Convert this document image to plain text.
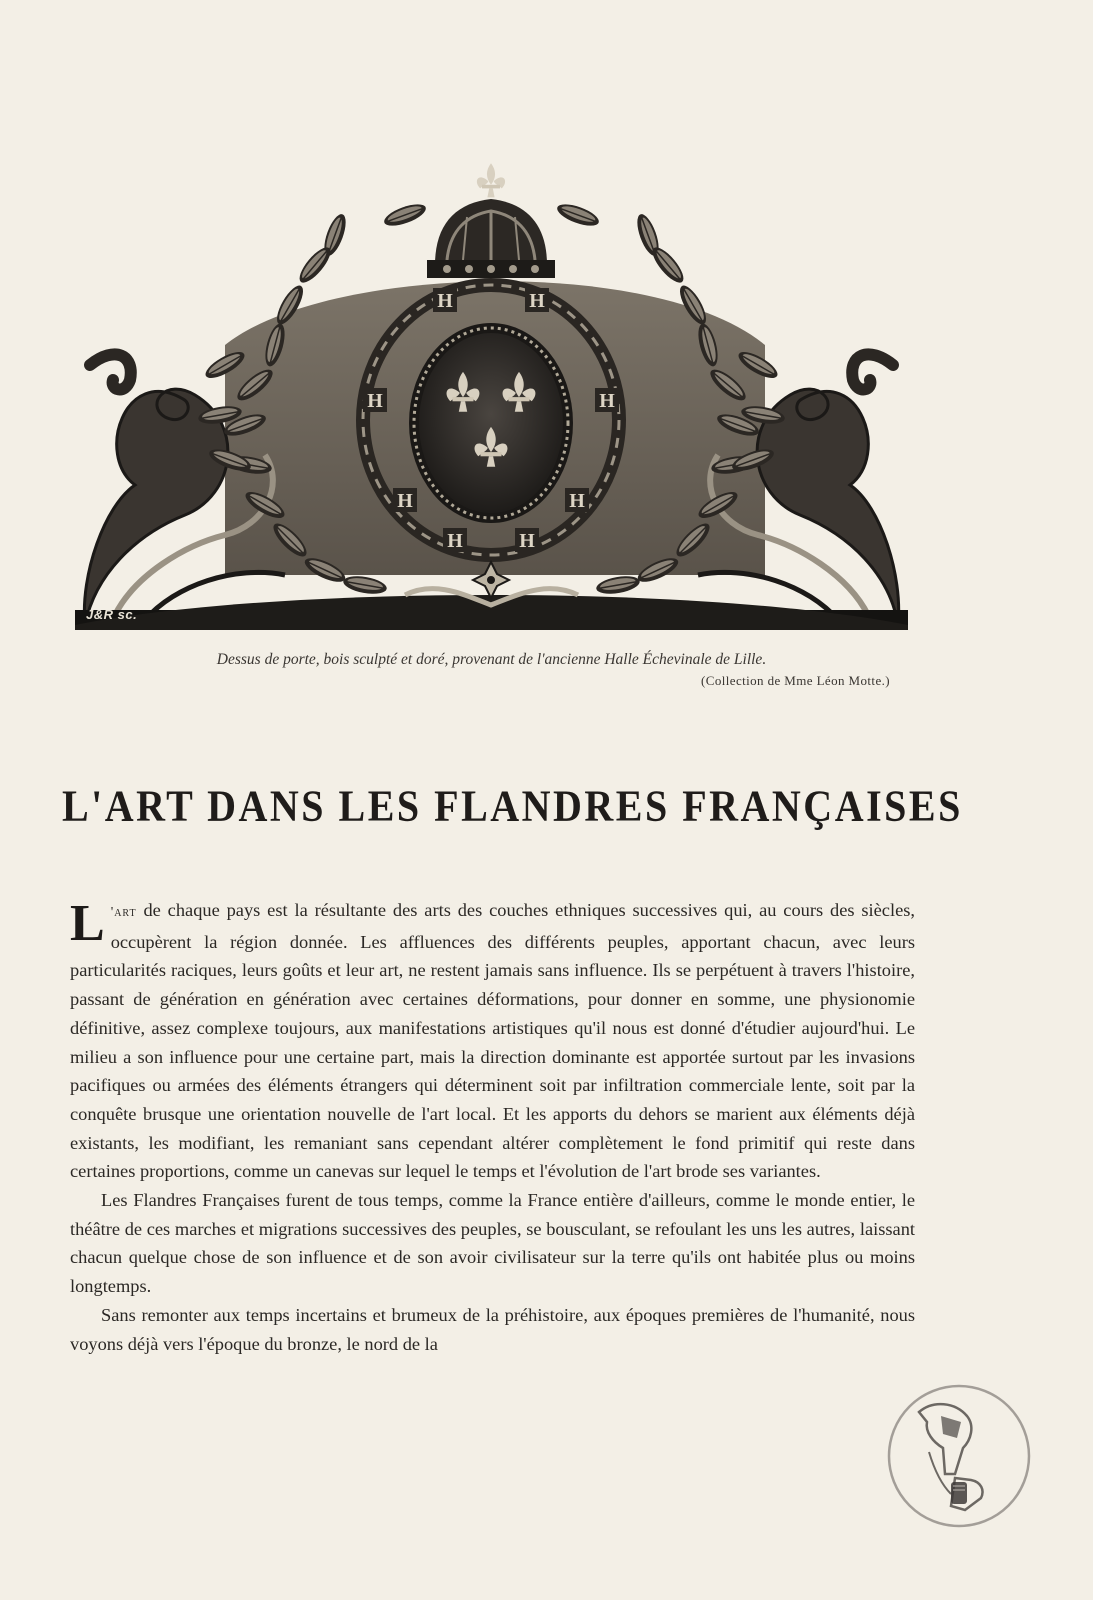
H
J&R sc.
Dessus de porte, bois sculpté et doré, provenant de l'ancienne Halle Échevinale de Lille.
(Collection de Mme Léon Motte.)
L'ART DANS LES FLANDRES FRANÇAISES

L 'art de chaque pays est la résultante des arts des couches ethniques successives qui, au cours des siècles, occupèrent la région donnée. Les affluences des différents peuples, apportant chacun, avec leurs particularités raciques, leurs goûts et leur art, ne restent jamais sans influence. Ils se perpétuent à travers l'histoire, passant de génération en génération avec certaines déformations, pour donner en somme, une physionomie définitive, assez complexe toujours, aux manifestations artistiques qu'il nous est donné d'étudier aujourd'hui. Le milieu a son influence pour une certaine part, mais la direction dominante est apportée surtout par les invasions pacifiques ou armées des éléments étrangers qui déterminent soit par infiltration commerciale lente, soit par la conquête brusque une orientation nouvelle de l'art local. Et les apports du dehors se marient aux éléments déjà existants, les modifiant, les remaniant sans cependant altérer complètement le fond primitif qui reste dans certaines proportions, comme un canevas sur lequel le temps et l'évolution de l'art brode ses variantes.

Les Flandres Françaises furent de tous temps, comme la France entière d'ailleurs, comme le monde entier, le théâtre de ces marches et migrations successives des peuples, se bousculant, se refoulant les uns les autres, laissant chacun quelque chose de son influence et de son avoir civilisateur sur la terre qu'ils ont habitée plus ou moins longtemps.

Sans remonter aux temps incertains et brumeux de la préhistoire, aux époques premières de l'humanité, nous voyons déjà vers l'époque du bronze, le nord de la
